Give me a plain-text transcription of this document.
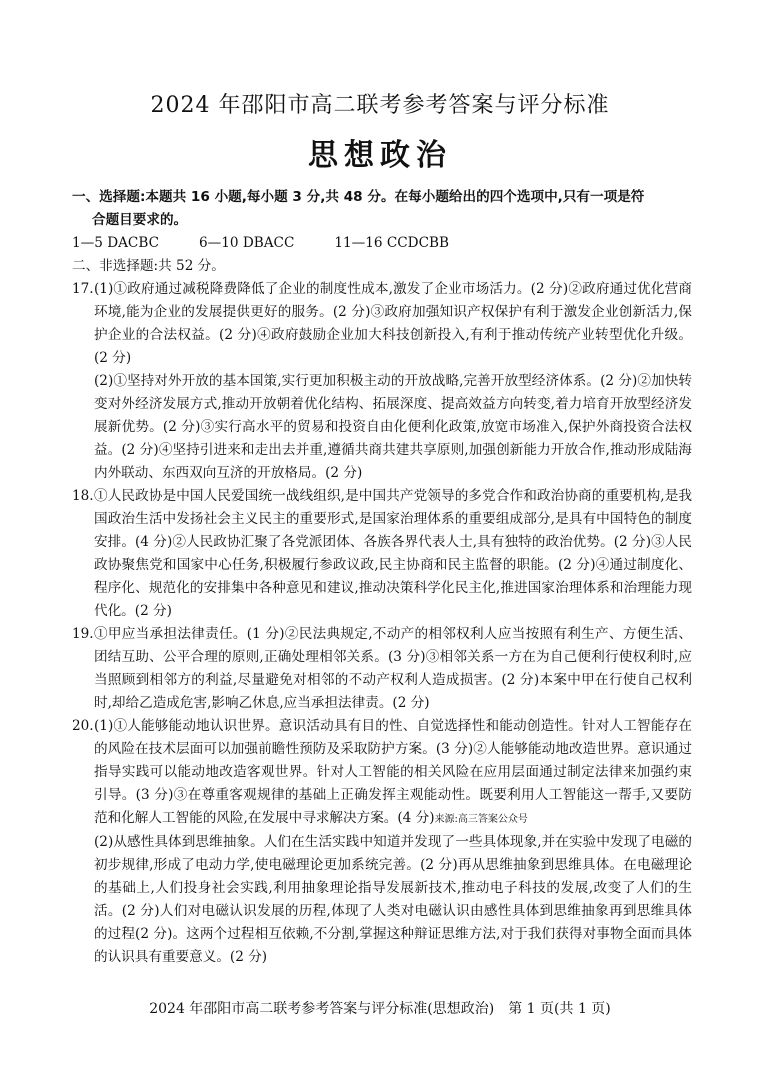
2024 年邵阳市高二联考参考答案与评分标准
思想政治

一、选择题:本题共 16 小题,每小题 3 分,共 48 分。在每小题给出的四个选项中,只有一项是符

合题目要求的。

1—5 DACBC	6—10 DBACC	11—16 CCDCBB

二、非选择题:共 52 分。

17. (1)①政府通过减税降费降低了企业的制度性成本,激发了企业市场活力。(2 分)②政府通过优化营商环境,能为企业的发展提供更好的服务。(2 分)③政府加强知识产权保护有利于激发企业创新活力,保护企业的合法权益。(2 分)④政府鼓励企业加大科技创新投入,有利于推动传统产业转型优化升级。(2 分)

(2)①坚持对外开放的基本国策,实行更加积极主动的开放战略,完善开放型经济体系。(2 分)②加快转变对外经济发展方式,推动开放朝着优化结构、拓展深度、提高效益方向转变,着力培育开放型经济发展新优势。(2 分)③实行高水平的贸易和投资自由化便利化政策,放宽市场准入,保护外商投资合法权益。(2 分)④坚持引进来和走出去并重,遵循共商共建共享原则,加强创新能力开放合作,推动形成陆海内外联动、东西双向互济的开放格局。(2 分)

18. ①人民政协是中国人民爱国统一战线组织,是中国共产党领导的多党合作和政治协商的重要机构,是我国政治生活中发扬社会主义民主的重要形式,是国家治理体系的重要组成部分,是具有中国特色的制度安排。(4 分)②人民政协汇聚了各党派团体、各族各界代表人士,具有独特的政治优势。(2 分)③人民政协聚焦党和国家中心任务,积极履行参政议政,民主协商和民主监督的职能。(2 分)④通过制度化、程序化、规范化的安排集中各种意见和建议,推动决策科学化民主化,推进国家治理体系和治理能力现代化。(2 分)

19. ①甲应当承担法律责任。(1 分)②民法典规定,不动产的相邻权利人应当按照有利生产、方便生活、团结互助、公平合理的原则,正确处理相邻关系。(3 分)③相邻关系一方在为自己便利行使权利时,应当照顾到相邻方的利益,尽量避免对相邻的不动产权利人造成损害。(2 分)本案中甲在行使自己权利时,却给乙造成危害,影响乙休息,应当承担法律责。(2 分)

20. (1)①人能够能动地认识世界。意识活动具有目的性、自觉选择性和能动创造性。针对人工智能存在的风险在技术层面可以加强前瞻性预防及采取防护方案。(3 分)②人能够能动地改造世界。意识通过指导实践可以能动地改造客观世界。针对人工智能的相关风险在应用层面通过制定法律来加强约束引导。(3 分)③在尊重客观规律的基础上正确发挥主观能动性。既要利用人工智能这一帮手,又要防范和化解人工智能的风险,在发展中寻求解决方案。(4 分)来源:高三答案公众号

(2)从感性具体到思维抽象。人们在生活实践中知道并发现了一些具体现象,并在实验中发现了电磁的初步规律,形成了电动力学,使电磁理论更加系统完善。(2 分)再从思维抽象到思维具体。在电磁理论的基础上,人们投身社会实践,利用抽象理论指导发展新技术,推动电子科技的发展,改变了人们的生活。(2 分)人们对电磁认识发展的历程,体现了人类对电磁认识由感性具体到思维抽象再到思维具体的过程(2 分)。这两个过程相互依赖,不分割,掌握这种辩证思维方法,对于我们获得对事物全面而具体的认识具有重要意义。(2 分)

2024 年邵阳市高二联考参考答案与评分标准(思想政治)　第 1 页(共 1 页)
